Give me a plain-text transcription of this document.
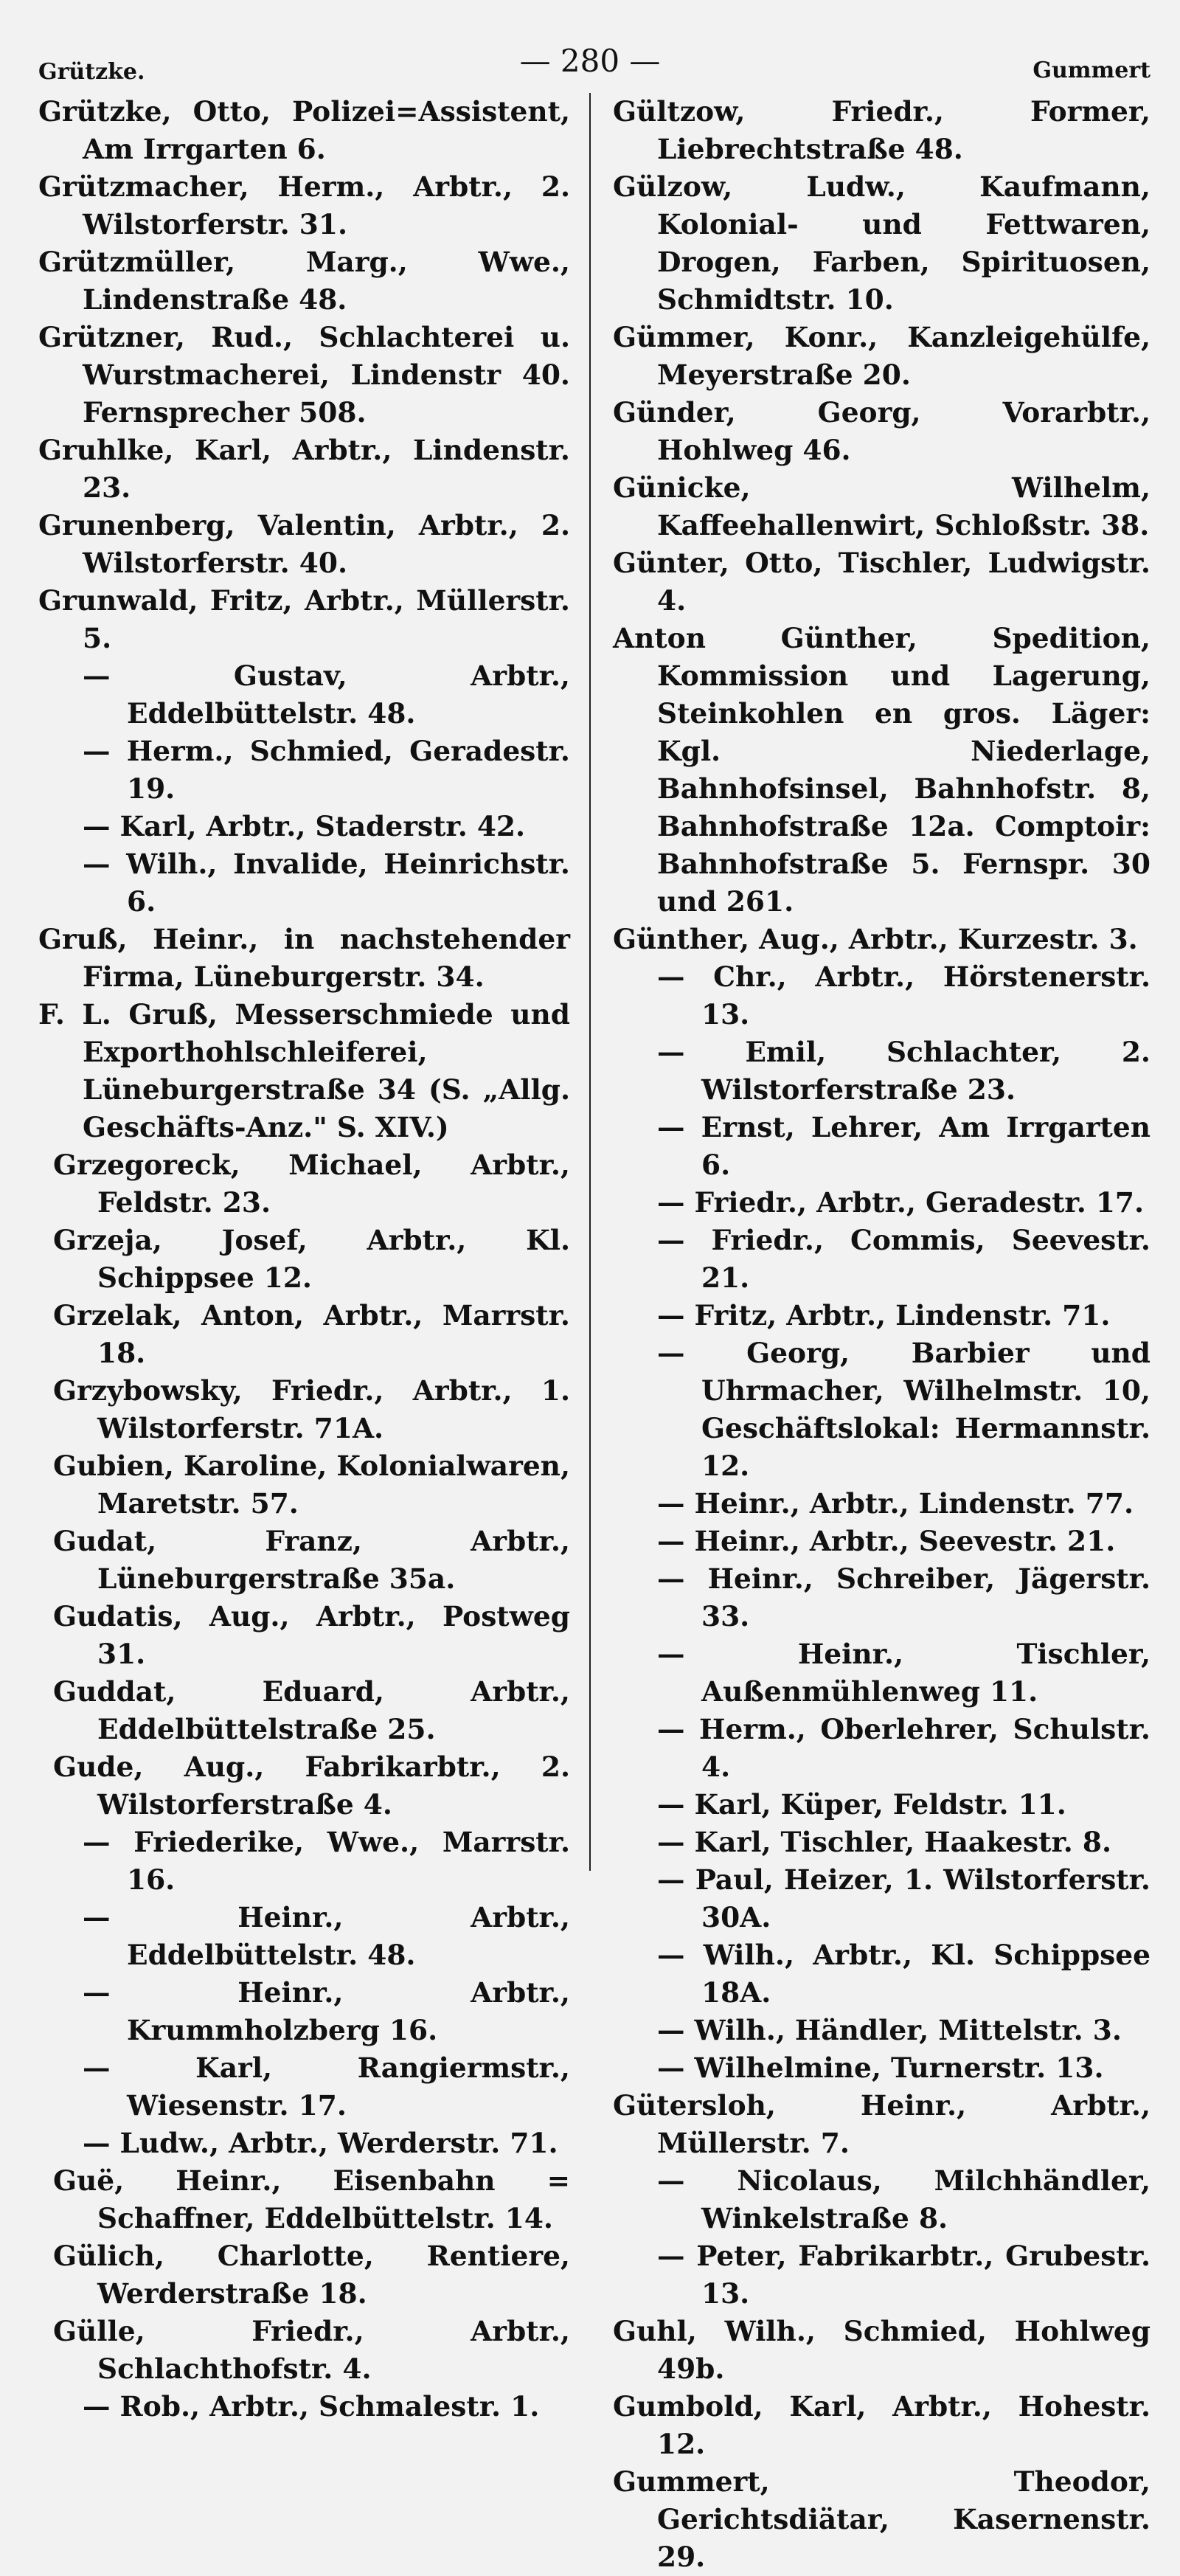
Grützke.	— 280 —	Gummert
Grützke, Otto, Polizei=Assistent, Am Irrgarten 6.
Grützmacher, Herm., Arbtr., 2. Wilstorferstr. 31.
Grützmüller, Marg., Wwe., Lindenstraße 48.
Grützner, Rud., Schlachterei u. Wurstmacherei, Lindenstr 40. Fernsprecher 508.
Gruhlke, Karl, Arbtr., Lindenstr. 23.
Grunenberg, Valentin, Arbtr., 2. Wilstorferstr. 40.
Grunwald, Fritz, Arbtr., Müllerstr. 5.
— Gustav, Arbtr., Eddelbüttelstr. 48.
— Herm., Schmied, Geradestr. 19.
— Karl, Arbtr., Staderstr. 42.
— Wilh., Invalide, Heinrichstr. 6.
Gruß, Heinr., in nachstehender Firma, Lüneburgerstr. 34.
F. L. Gruß, Messerschmiede und Exporthohlschleiferei, Lüneburgerstraße 34 (S. „Allg. Geschäfts-Anz." S. XIV.)
Grzegoreck, Michael, Arbtr., Feldstr. 23.
Grzeja, Josef, Arbtr., Kl. Schippsee 12.
Grzelak, Anton, Arbtr., Marrstr. 18.
Grzybowsky, Friedr., Arbtr., 1. Wilstorferstr. 71A.
Gubien, Karoline, Kolonialwaren, Maretstr. 57.
Gudat, Franz, Arbtr., Lüneburgerstraße 35a.
Gudatis, Aug., Arbtr., Postweg 31.
Guddat, Eduard, Arbtr., Eddelbüttelstraße 25.
Gude, Aug., Fabrikarbtr., 2. Wilstorferstraße 4.
— Friederike, Wwe., Marrstr. 16.
— Heinr., Arbtr., Eddelbüttelstr. 48.
— Heinr., Arbtr., Krummholzberg 16.
— Karl, Rangiermstr., Wiesenstr. 17.
— Ludw., Arbtr., Werderstr. 71.
Guë, Heinr., Eisenbahn = Schaffner, Eddelbüttelstr. 14.
Gülich, Charlotte, Rentiere, Werderstraße 18.
Gülle, Friedr., Arbtr., Schlachthofstr. 4.
— Rob., Arbtr., Schmalestr. 1.
Gültzow, Friedr., Former, Liebrechtstraße 48.
Gülzow, Ludw., Kaufmann, Kolonial- und Fettwaren, Drogen, Farben, Spirituosen, Schmidtstr. 10.
Gümmer, Konr., Kanzleigehülfe, Meyerstraße 20.
Günder, Georg, Vorarbtr., Hohlweg 46.
Günicke, Wilhelm, Kaffeehallenwirt, Schloßstr. 38.
Günter, Otto, Tischler, Ludwigstr. 4.
Anton Günther, Spedition, Kommission und Lagerung, Steinkohlen en gros. Läger: Kgl. Niederlage, Bahnhofsinsel, Bahnhofstr. 8, Bahnhofstraße 12a. Comptoir: Bahnhofstraße 5. Fernspr. 30 und 261.
Günther, Aug., Arbtr., Kurzestr. 3.
— Chr., Arbtr., Hörstenerstr. 13.
— Emil, Schlachter, 2. Wilstorferstraße 23.
— Ernst, Lehrer, Am Irrgarten 6.
— Friedr., Arbtr., Geradestr. 17.
— Friedr., Commis, Seevestr. 21.
— Fritz, Arbtr., Lindenstr. 71.
— Georg, Barbier und Uhrmacher, Wilhelmstr. 10, Geschäftslokal: Hermannstr. 12.
— Heinr., Arbtr., Lindenstr. 77.
— Heinr., Arbtr., Seevestr. 21.
— Heinr., Schreiber, Jägerstr. 33.
— Heinr., Tischler, Außenmühlenweg 11.
— Herm., Oberlehrer, Schulstr. 4.
— Karl, Küper, Feldstr. 11.
— Karl, Tischler, Haakestr. 8.
— Paul, Heizer, 1. Wilstorferstr. 30A.
— Wilh., Arbtr., Kl. Schippsee 18A.
— Wilh., Händler, Mittelstr. 3.
— Wilhelmine, Turnerstr. 13.
Gütersloh, Heinr., Arbtr., Müllerstr. 7.
— Nicolaus, Milchhändler, Winkelstraße 8.
— Peter, Fabrikarbtr., Grubestr. 13.
Guhl, Wilh., Schmied, Hohlweg 49b.
Gumbold, Karl, Arbtr., Hohestr. 12.
Gummert, Theodor, Gerichtsdiätar, Kasernenstr. 29.
